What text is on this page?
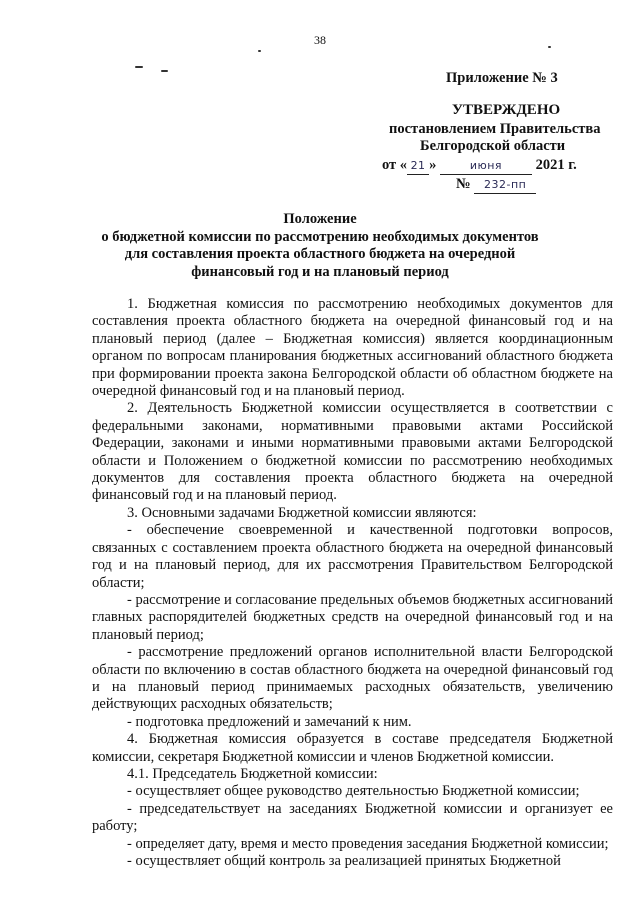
38
Приложение № 3
УТВЕРЖДЕНО
постановлением Правительства
Белгородской области
от « 21 »	июня 2021 г.
№ 232-пп
Положение
о бюджетной комиссии по рассмотрению необходимых документов
для составления проекта областного бюджета на очередной
финансовый год и на плановый период

1. Бюджетная комиссия по рассмотрению необходимых документов для составления проекта областного бюджета на очередной финансовый год и на плановый период (далее – Бюджетная комиссия) является координационным органом по вопросам планирования бюджетных ассигнований областного бюджета при формировании проекта закона Белгородской области об областном бюджете на очередной финансовый год и на плановый период.

2. Деятельность Бюджетной комиссии осуществляется в соответствии с федеральными законами, нормативными правовыми актами Российской Федерации, законами и иными нормативными правовыми актами Белгородской области и Положением о бюджетной комиссии по рассмотрению необходимых документов для составления проекта областного бюджета на очередной финансовый год и на плановый период.

3. Основными задачами Бюджетной комиссии являются:

- обеспечение своевременной и качественной подготовки вопросов, связанных с составлением проекта областного бюджета на очередной финансовый год и на плановый период, для их рассмотрения Правительством Белгородской области;

- рассмотрение и согласование предельных объемов бюджетных ассигнований главных распорядителей бюджетных средств на очередной финансовый год и на плановый период;

- рассмотрение предложений органов исполнительной власти Белгородской области по включению в состав областного бюджета на очередной финансовый год и на плановый период принимаемых расходных обязательств, увеличению действующих расходных обязательств;

- подготовка предложений и замечаний к ним.

4. Бюджетная комиссия образуется в составе председателя Бюджетной комиссии, секретаря Бюджетной комиссии и членов Бюджетной комиссии.

4.1. Председатель Бюджетной комиссии:

- осуществляет общее руководство деятельностью Бюджетной комиссии;

- председательствует на заседаниях Бюджетной комиссии и организует ее работу;

- определяет дату, время и место проведения заседания Бюджетной комиссии;

- осуществляет общий контроль за реализацией принятых Бюджетной
